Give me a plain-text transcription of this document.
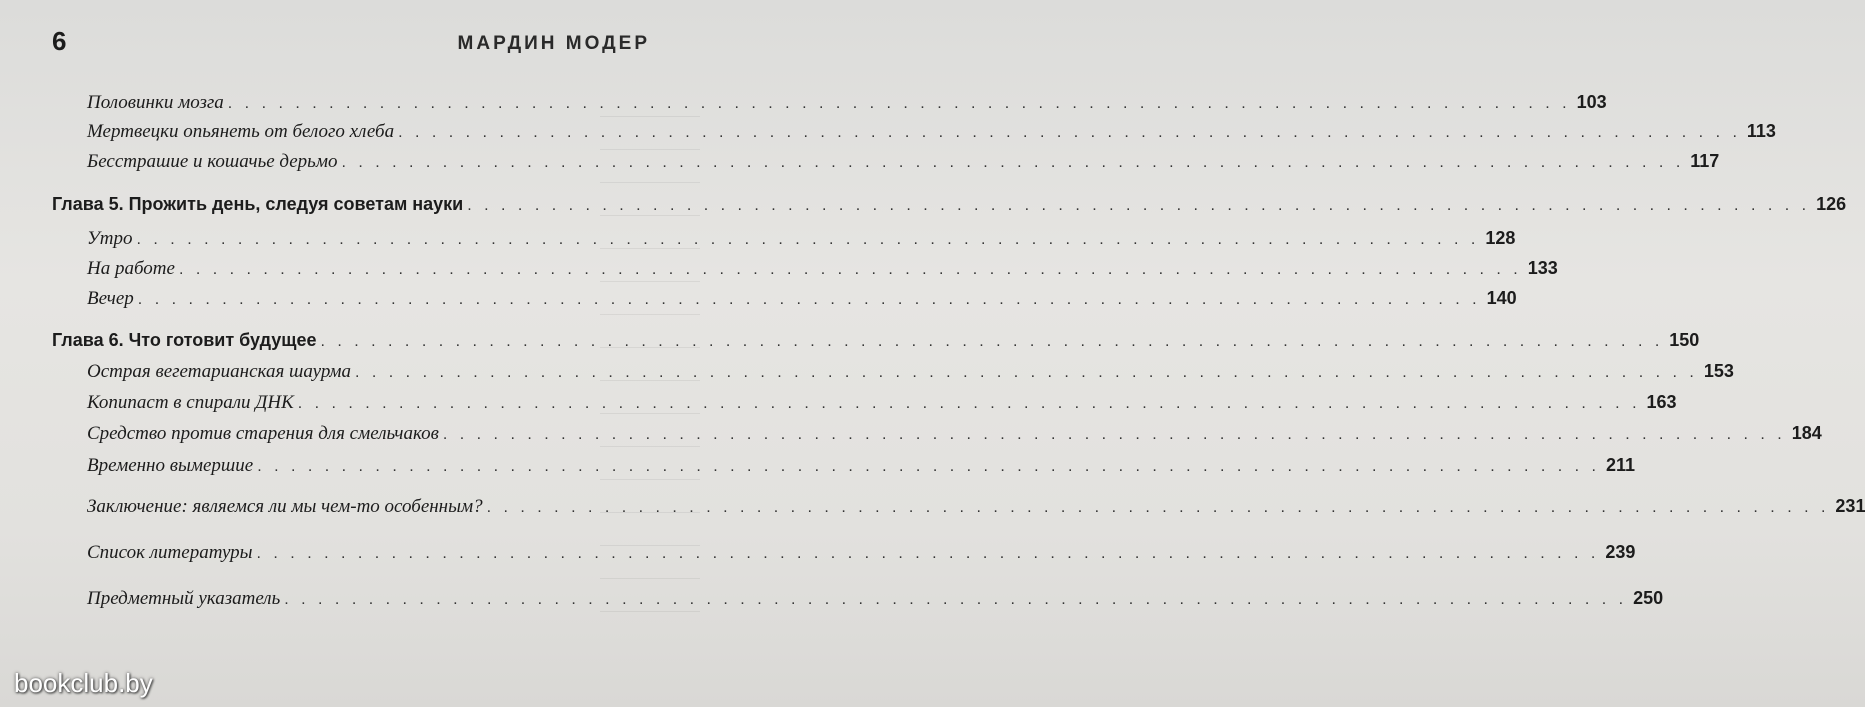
6	МАРДИН МОДЕР
Половинки мозга . . . . . . . . . . . . . . . . . . . . . . . . . . . . . . . . . . . . . . . . . . . . . . . . . . . . . . . . . . . . . . . . . . . . . . . . . . . . . . . . 103
Мертвецки опьянеть от белого хлеба . . . . . . . . . . . . . . . . . . . . . . . . . . . . . . . . . . . . . . . . . . . . . . . . . . . . . . . . . . . . . . . . . . . . . . . . . . . . . . . . 113
Бесстрашие и кошачье дерьмо . . . . . . . . . . . . . . . . . . . . . . . . . . . . . . . . . . . . . . . . . . . . . . . . . . . . . . . . . . . . . . . . . . . . . . . . . . . . . . . . 117
Глава 5. Прожить день, следуя советам науки . . . . . . . . . . . . . . . . . . . . . . . . . . . . . . . . . . . . . . . . . . . . . . . . . . . . . . . . . . . . . . . . . . . . . . . . . . . . . . . . 126
Утро . . . . . . . . . . . . . . . . . . . . . . . . . . . . . . . . . . . . . . . . . . . . . . . . . . . . . . . . . . . . . . . . . . . . . . . . . . . . . . . . 128
На работе . . . . . . . . . . . . . . . . . . . . . . . . . . . . . . . . . . . . . . . . . . . . . . . . . . . . . . . . . . . . . . . . . . . . . . . . . . . . . . . . 133
Вечер . . . . . . . . . . . . . . . . . . . . . . . . . . . . . . . . . . . . . . . . . . . . . . . . . . . . . . . . . . . . . . . . . . . . . . . . . . . . . . . . 140
Глава 6. Что готовит будущее . . . . . . . . . . . . . . . . . . . . . . . . . . . . . . . . . . . . . . . . . . . . . . . . . . . . . . . . . . . . . . . . . . . . . . . . . . . . . . . . 150
Острая вегетарианская шаурма . . . . . . . . . . . . . . . . . . . . . . . . . . . . . . . . . . . . . . . . . . . . . . . . . . . . . . . . . . . . . . . . . . . . . . . . . . . . . . . . 153
Копипаст в спирали ДНК . . . . . . . . . . . . . . . . . . . . . . . . . . . . . . . . . . . . . . . . . . . . . . . . . . . . . . . . . . . . . . . . . . . . . . . . . . . . . . . . 163
Средство против старения для смельчаков . . . . . . . . . . . . . . . . . . . . . . . . . . . . . . . . . . . . . . . . . . . . . . . . . . . . . . . . . . . . . . . . . . . . . . . . . . . . . . . . 184
Временно вымершие . . . . . . . . . . . . . . . . . . . . . . . . . . . . . . . . . . . . . . . . . . . . . . . . . . . . . . . . . . . . . . . . . . . . . . . . . . . . . . . . 211
Заключение: являемся ли мы чем-то особенным? . . . . . . . . . . . . . . . . . . . . . . . . . . . . . . . . . . . . . . . . . . . . . . . . . . . . . . . . . . . . . . . . . . . . . . . . . . . . . . . . 231
Список литературы . . . . . . . . . . . . . . . . . . . . . . . . . . . . . . . . . . . . . . . . . . . . . . . . . . . . . . . . . . . . . . . . . . . . . . . . . . . . . . . . 239
Предметный указатель . . . . . . . . . . . . . . . . . . . . . . . . . . . . . . . . . . . . . . . . . . . . . . . . . . . . . . . . . . . . . . . . . . . . . . . . . . . . . . . . 250
bookclub.by
